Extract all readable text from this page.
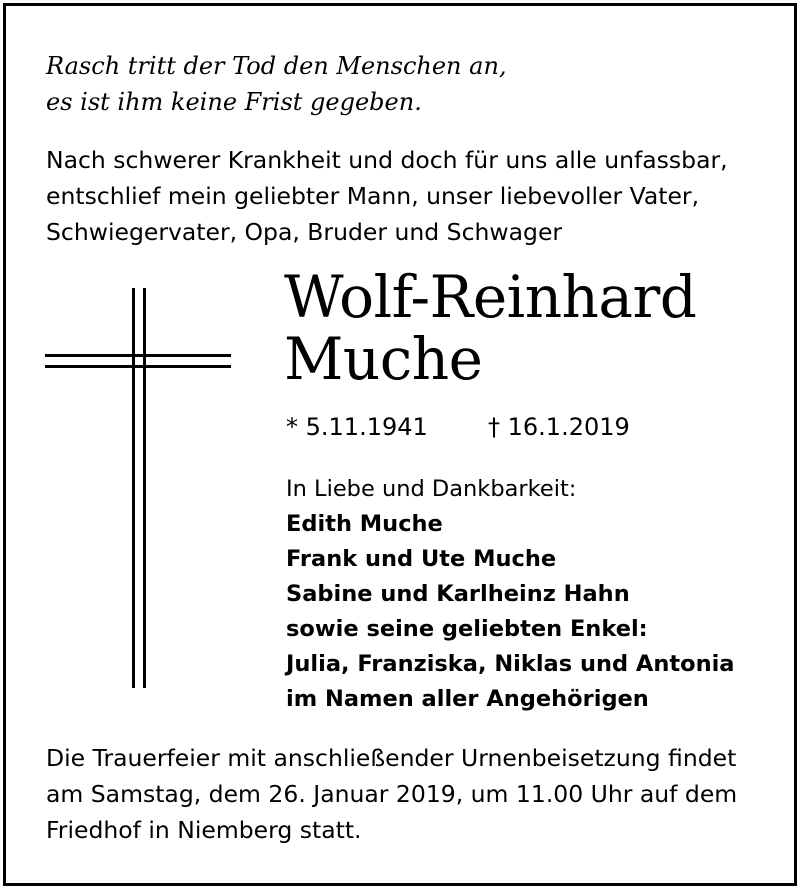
Rasch tritt der Tod den Menschen an,
es ist ihm keine Frist gegeben.
Nach schwerer Krankheit und doch für uns alle unfassbar,
entschlief mein geliebter Mann, unser liebevoller Vater,
Schwiegervater, Opa, Bruder und Schwager
Wolf-Reinhard
Muche
* 5.11.1941	† 16.1.2019
In Liebe und Dankbarkeit:
Edith Muche
Frank und Ute Muche
Sabine und Karlheinz Hahn
sowie seine geliebten Enkel:
Julia, Franziska, Niklas und Antonia
im Namen aller Angehörigen
Die Trauerfeier mit anschließender Urnenbeisetzung findet
am Samstag, dem 26. Januar 2019, um 11.00 Uhr auf dem
Friedhof in Niemberg statt.
